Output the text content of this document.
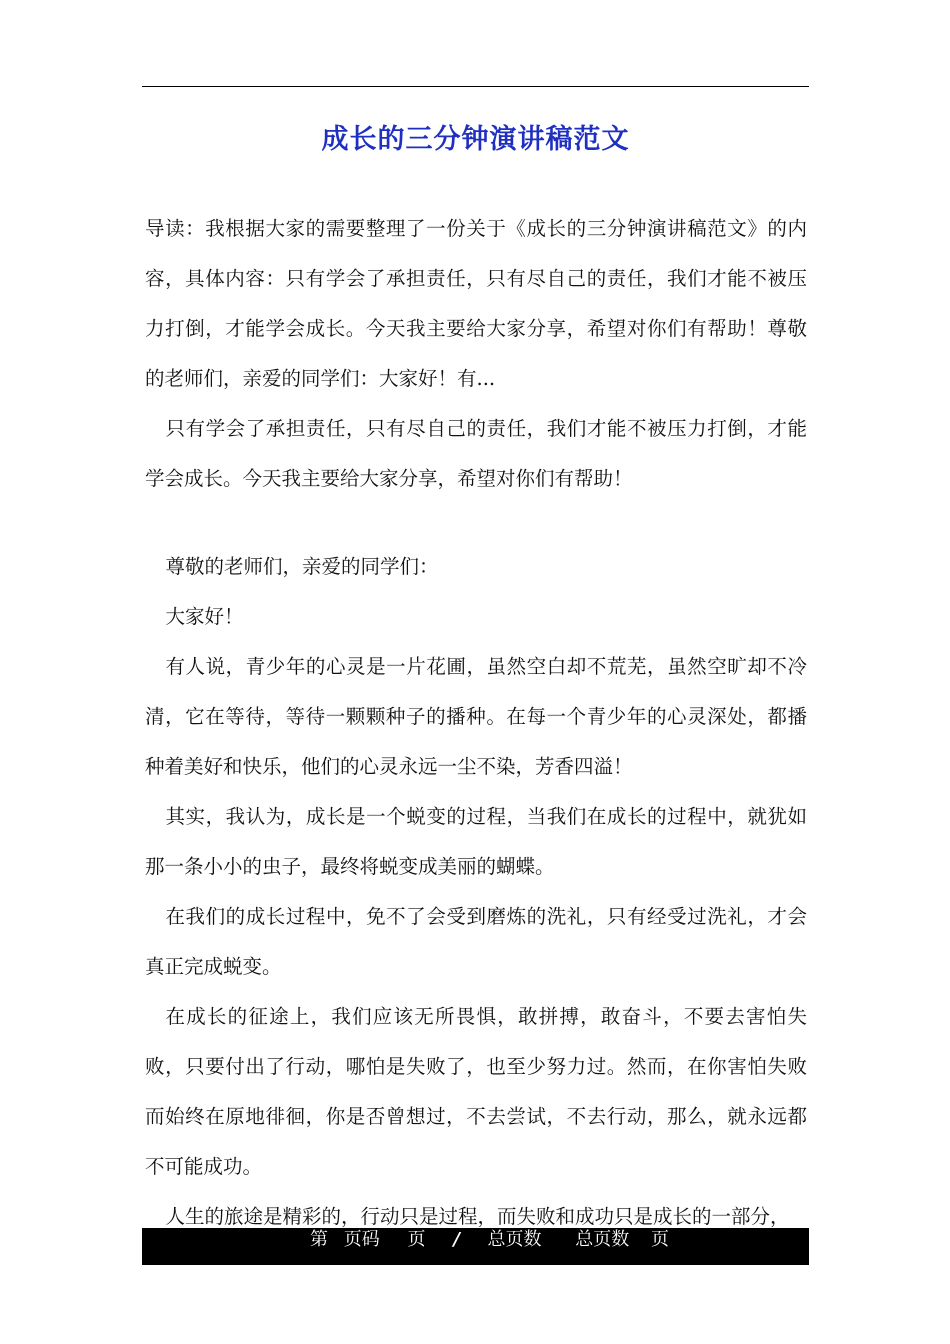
成长的三分钟演讲稿范文

导读：我根据大家的需要整理了一份关于《成长的三分钟演讲稿范文》的内容，具体内容：只有学会了承担责任，只有尽自己的责任，我们才能不被压力打倒，才能学会成长。今天我主要给大家分享，希望对你们有帮助！尊敬的老师们，亲爱的同学们：大家好！有...

只有学会了承担责任，只有尽自己的责任，我们才能不被压力打倒，才能学会成长。今天我主要给大家分享，希望对你们有帮助！

尊敬的老师们，亲爱的同学们：

大家好！

有人说，青少年的心灵是一片花圃，虽然空白却不荒芜，虽然空旷却不冷清，它在等待，等待一颗颗种子的播种。在每一个青少年的心灵深处，都播种着美好和快乐，他们的心灵永远一尘不染，芳香四溢！

其实，我认为，成长是一个蜕变的过程，当我们在成长的过程中，就犹如那一条小小的虫子，最终将蜕变成美丽的蝴蝶。

在我们的成长过程中，免不了会受到磨炼的洗礼，只有经受过洗礼，才会真正完成蜕变。

在成长的征途上，我们应该无所畏惧，敢拼搏，敢奋斗，不要去害怕失败，只要付出了行动，哪怕是失败了，也至少努力过。然而，在你害怕失败而始终在原地徘徊，你是否曾想过，不去尝试，不去行动，那么，就永远都不可能成功。

人生的旅途是精彩的，行动只是过程，而失败和成功只是成长的一部分，

第 页码 页 / 总页数 总页数 页
